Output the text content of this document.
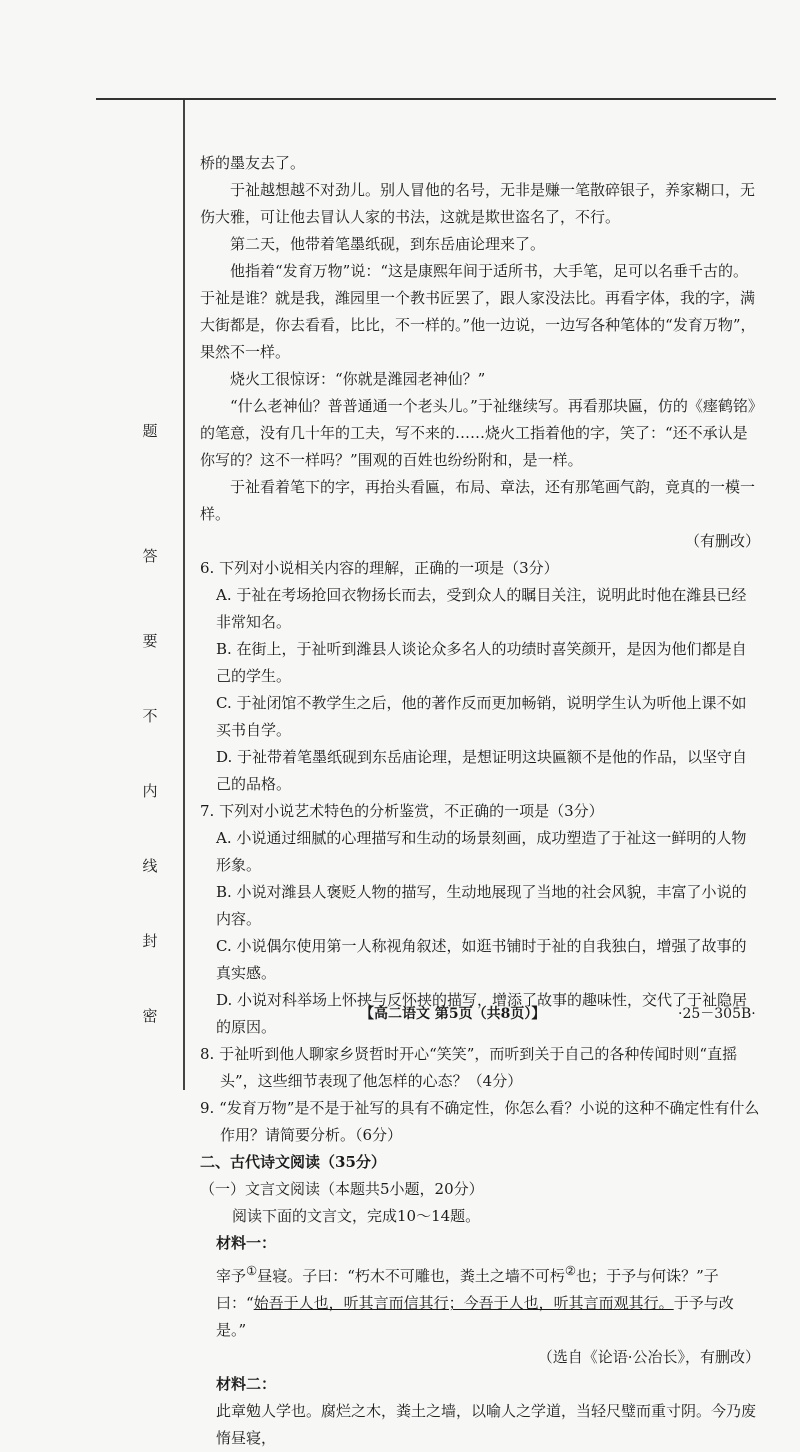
密
封
线
内
不
要
答
题

桥的墨友去了。

于祉越想越不对劲儿。别人冒他的名号，无非是赚一笔散碎银子，养家糊口，无伤大雅，可让他去冒认人家的书法，这就是欺世盗名了，不行。

第二天，他带着笔墨纸砚，到东岳庙论理来了。

他指着“发育万物”说：“这是康熙年间于适所书，大手笔，足可以名垂千古的。于祉是谁？就是我，潍园里一个教书匠罢了，跟人家没法比。再看字体，我的字，满大街都是，你去看看，比比，不一样的。”他一边说，一边写各种笔体的“发育万物”，果然不一样。

烧火工很惊讶：“你就是潍园老神仙？”

“什么老神仙？普普通通一个老头儿。”于祉继续写。再看那块匾，仿的《瘗鹤铭》的笔意，没有几十年的工夫，写不来的……烧火工指着他的字，笑了：“还不承认是你写的？这不一样吗？”围观的百姓也纷纷附和，是一样。

于祉看着笔下的字，再抬头看匾，布局、章法，还有那笔画气韵，竟真的一模一样。

（有删改）

6. 下列对小说相关内容的理解，正确的一项是（3分）

A. 于祉在考场抢回衣物扬长而去，受到众人的瞩目关注，说明此时他在潍县已经非常知名。

B. 在街上，于祉听到潍县人谈论众多名人的功绩时喜笑颜开，是因为他们都是自己的学生。

C. 于祉闭馆不教学生之后，他的著作反而更加畅销，说明学生认为听他上课不如买书自学。

D. 于祉带着笔墨纸砚到东岳庙论理，是想证明这块匾额不是他的作品，以坚守自己的品格。

7. 下列对小说艺术特色的分析鉴赏，不正确的一项是（3分）

A. 小说通过细腻的心理描写和生动的场景刻画，成功塑造了于祉这一鲜明的人物形象。

B. 小说对潍县人褒贬人物的描写，生动地展现了当地的社会风貌，丰富了小说的内容。

C. 小说偶尔使用第一人称视角叙述，如逛书铺时于祉的自我独白，增强了故事的真实感。

D. 小说对科举场上怀挟与反怀挟的描写，增添了故事的趣味性，交代了于祉隐居的原因。

8. 于祉听到他人聊家乡贤哲时开心“笑笑”，而听到关于自己的各种传闻时则“直摇头”，这些细节表现了他怎样的心态？（4分）

9. “发育万物”是不是于祉写的具有不确定性，你怎么看？小说的这种不确定性有什么作用？请简要分析。（6分）

二、古代诗文阅读（35分）

（一）文言文阅读（本题共5小题，20分）

阅读下面的文言文，完成10～14题。

材料一：

宰予①昼寝。子曰：“朽木不可雕也，粪土之墙不可杇②也；于予与何诛？”子曰：“始吾于人也，听其言而信其行；今吾于人也，听其言而观其行。于予与改是。”

（选自《论语·公冶长》，有删改）

材料二：

此章勉人学也。腐烂之木，粪土之墙，以喻人之学道，当轻尺璧而重寸阴。今乃废惰昼寝，

【高二语文 第5页（共8页）】	·25－305B·
